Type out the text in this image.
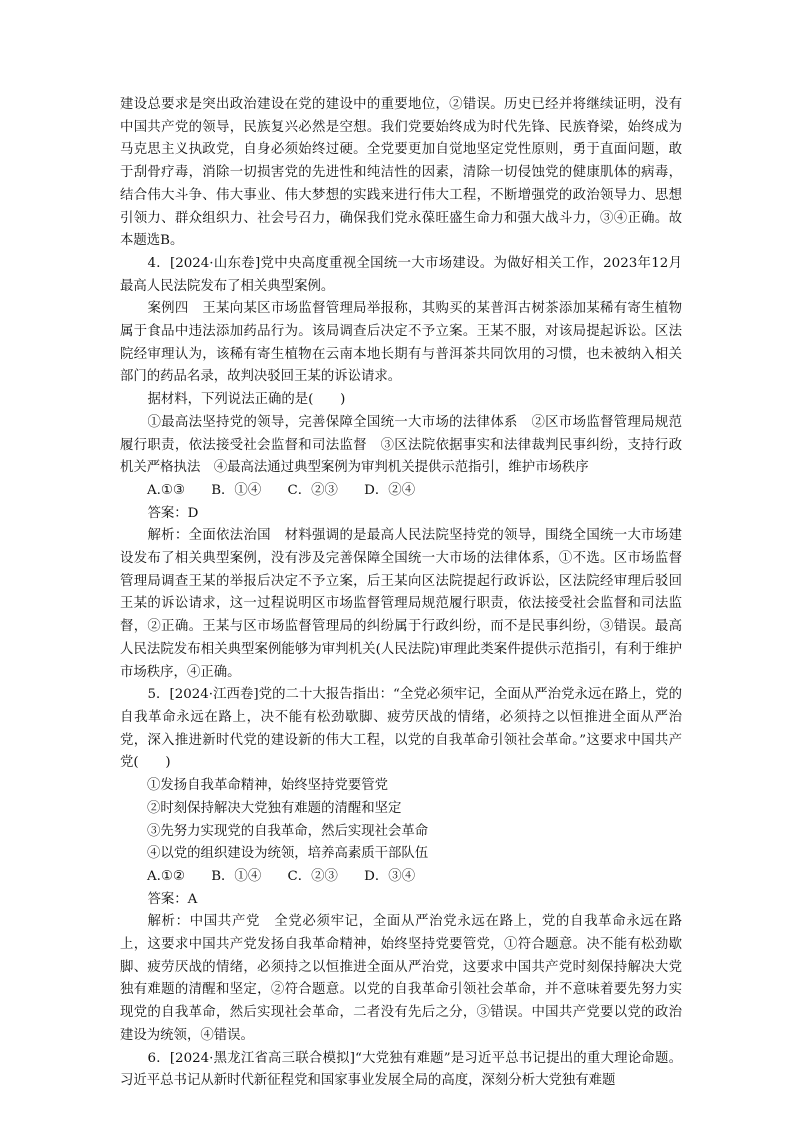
建设总要求是突出政治建设在党的建设中的重要地位，②错误。历史已经并将继续证明，没有中国共产党的领导，民族复兴必然是空想。我们党要始终成为时代先锋、民族脊梁，始终成为马克思主义执政党，自身必须始终过硬。全党要更加自觉地坚定党性原则，勇于直面问题，敢于刮骨疗毒，消除一切损害党的先进性和纯洁性的因素，清除一切侵蚀党的健康肌体的病毒，结合伟大斗争、伟大事业、伟大梦想的实践来进行伟大工程，不断增强党的政治领导力、思想引领力、群众组织力、社会号召力，确保我们党永葆旺盛生命力和强大战斗力，③④正确。故本题选B。

4．[2024·山东卷]党中央高度重视全国统一大市场建设。为做好相关工作，2023年12月最高人民法院发布了相关典型案例。

案例四　王某向某区市场监督管理局举报称，其购买的某普洱古树茶添加某稀有寄生植物属于食品中违法添加药品行为。该局调查后决定不予立案。王某不服，对该局提起诉讼。区法院经审理认为，该稀有寄生植物在云南本地长期有与普洱茶共同饮用的习惯，也未被纳入相关部门的药品名录，故判决驳回王某的诉讼请求。

据材料，下列说法正确的是(　　)

①最高法坚持党的领导，完善保障全国统一大市场的法律体系　②区市场监督管理局规范履行职责，依法接受社会监督和司法监督　③区法院依据事实和法律裁判民事纠纷，支持行政机关严格执法　④最高法通过典型案例为审判机关提供示范指引，维护市场秩序

A.①③ B．①④ C．②③ D．②④

答案：D

解析：全面依法治国　材料强调的是最高人民法院坚持党的领导，围绕全国统一大市场建设发布了相关典型案例，没有涉及完善保障全国统一大市场的法律体系，①不选。区市场监督管理局调查王某的举报后决定不予立案，后王某向区法院提起行政诉讼，区法院经审理后驳回王某的诉讼请求，这一过程说明区市场监督管理局规范履行职责，依法接受社会监督和司法监督，②正确。王某与区市场监督管理局的纠纷属于行政纠纷，而不是民事纠纷，③错误。最高人民法院发布相关典型案例能够为审判机关(人民法院)审理此类案件提供示范指引，有利于维护市场秩序，④正确。

5．[2024·江西卷]党的二十大报告指出：“全党必须牢记，全面从严治党永远在路上，党的自我革命永远在路上，决不能有松劲歇脚、疲劳厌战的情绪，必须持之以恒推进全面从严治党，深入推进新时代党的建设新的伟大工程，以党的自我革命引领社会革命。”这要求中国共产党(　　)

①发扬自我革命精神，始终坚持党要管党

②时刻保持解决大党独有难题的清醒和坚定

③先努力实现党的自我革命，然后实现社会革命

④以党的组织建设为统领，培养高素质干部队伍

A.①② B．①④ C．②③ D．③④

答案：A

解析：中国共产党　全党必须牢记，全面从严治党永远在路上，党的自我革命永远在路上，这要求中国共产党发扬自我革命精神，始终坚持党要管党，①符合题意。决不能有松劲歇脚、疲劳厌战的情绪，必须持之以恒推进全面从严治党，这要求中国共产党时刻保持解决大党独有难题的清醒和坚定，②符合题意。以党的自我革命引领社会革命，并不意味着要先努力实现党的自我革命，然后实现社会革命，二者没有先后之分，③错误。中国共产党要以党的政治建设为统领，④错误。

6．[2024·黑龙江省高三联合模拟]“大党独有难题”是习近平总书记提出的重大理论命题。习近平总书记从新时代新征程党和国家事业发展全局的高度，深刻分析大党独有难题
